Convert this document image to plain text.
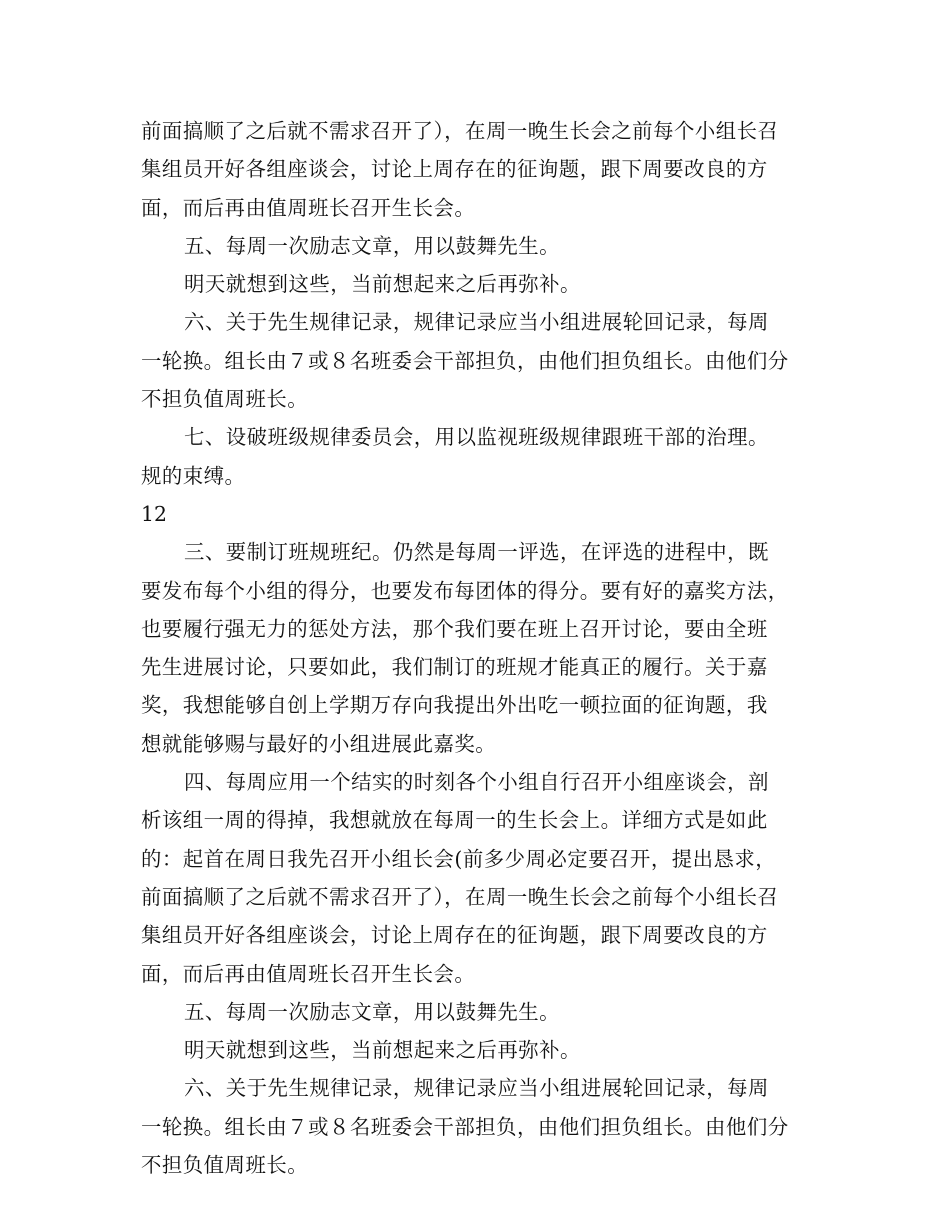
前面搞顺了之后就不需求召开了），在周一晚生长会之前每个小组长召
集组员开好各组座谈会，讨论上周存在的征询题，跟下周要改良的方
面，而后再由值周班长召开生长会。
五、每周一次励志文章，用以鼓舞先生。
明天就想到这些，当前想起来之后再弥补。
六、关于先生规律记录，规律记录应当小组进展轮回记录，每周
一轮换。组长由７或８名班委会干部担负，由他们担负组长。由他们分
不担负值周班长。
七、设破班级规律委员会，用以监视班级规律跟班干部的治理。
规的束缚。
12
三、要制订班规班纪。仍然是每周一评选，在评选的进程中，既
要发布每个小组的得分，也要发布每团体的得分。要有好的嘉奖方法，
也要履行强无力的惩处方法，那个我们要在班上召开讨论，要由全班
先生进展讨论，只要如此，我们制订的班规才能真正的履行。关于嘉
奖，我想能够自创上学期万存向我提出外出吃一顿拉面的征询题，我
想就能够赐与最好的小组进展此嘉奖。
四、每周应用一个结实的时刻各个小组自行召开小组座谈会，剖
析该组一周的得掉，我想就放在每周一的生长会上。详细方式是如此
的：起首在周日我先召开小组长会(前多少周必定要召开，提出恳求，
前面搞顺了之后就不需求召开了），在周一晚生长会之前每个小组长召
集组员开好各组座谈会，讨论上周存在的征询题，跟下周要改良的方
面，而后再由值周班长召开生长会。
五、每周一次励志文章，用以鼓舞先生。
明天就想到这些，当前想起来之后再弥补。
六、关于先生规律记录，规律记录应当小组进展轮回记录，每周
一轮换。组长由７或８名班委会干部担负，由他们担负组长。由他们分
不担负值周班长。
